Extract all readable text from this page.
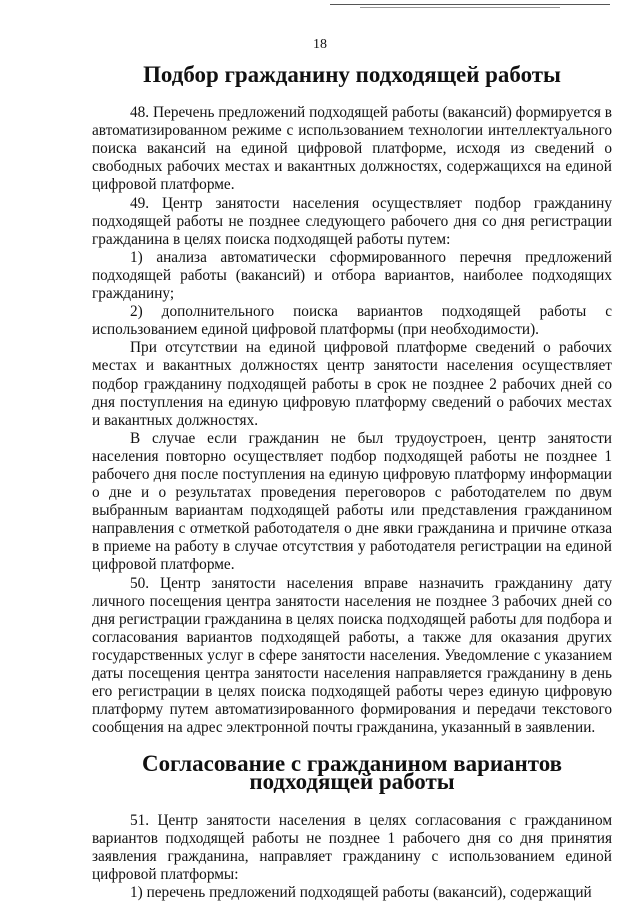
18
Подбор гражданину подходящей работы

48. Перечень предложений подходящей работы (вакансий) формируется в автоматизированном режиме с использованием технологии интеллектуального поиска вакансий на единой цифровой платформе, исходя из сведений о свободных рабочих местах и вакантных должностях, содержащихся на единой цифровой платформе.

49. Центр занятости населения осуществляет подбор гражданину подходящей работы не позднее следующего рабочего дня со дня регистрации гражданина в целях поиска подходящей работы путем:

1) анализа автоматически сформированного перечня предложений подходящей работы (вакансий) и отбора вариантов, наиболее подходящих гражданину;

2) дополнительного поиска вариантов подходящей работы с использованием единой цифровой платформы (при необходимости).

При отсутствии на единой цифровой платформе сведений о рабочих местах и вакантных должностях центр занятости населения осуществляет подбор гражданину подходящей работы в срок не позднее 2 рабочих дней со дня поступления на единую цифровую платформу сведений о рабочих местах и вакантных должностях.

В случае если гражданин не был трудоустроен, центр занятости населения повторно осуществляет подбор подходящей работы не позднее 1 рабочего дня после поступления на единую цифровую платформу информации о дне и о результатах проведения переговоров с работодателем по двум выбранным вариантам подходящей работы или представления гражданином направления с отметкой работодателя о дне явки гражданина и причине отказа в приеме на работу в случае отсутствия у работодателя регистрации на единой цифровой платформе.

50. Центр занятости населения вправе назначить гражданину дату личного посещения центра занятости населения не позднее 3 рабочих дней со дня регистрации гражданина в целях поиска подходящей работы для подбора и согласования вариантов подходящей работы, а также для оказания других государственных услуг в сфере занятости населения. Уведомление с указанием даты посещения центра занятости населения направляется гражданину в день его регистрации в целях поиска подходящей работы через единую цифровую платформу путем автоматизированного формирования и передачи текстового сообщения на адрес электронной почты гражданина, указанный в заявлении.

Согласование с гражданином вариантов подходящей работы

51. Центр занятости населения в целях согласования с гражданином вариантов подходящей работы не позднее 1 рабочего дня со дня принятия заявления гражданина, направляет гражданину с использованием единой цифровой платформы:

1) перечень предложений подходящей работы (вакансий), содержащий
